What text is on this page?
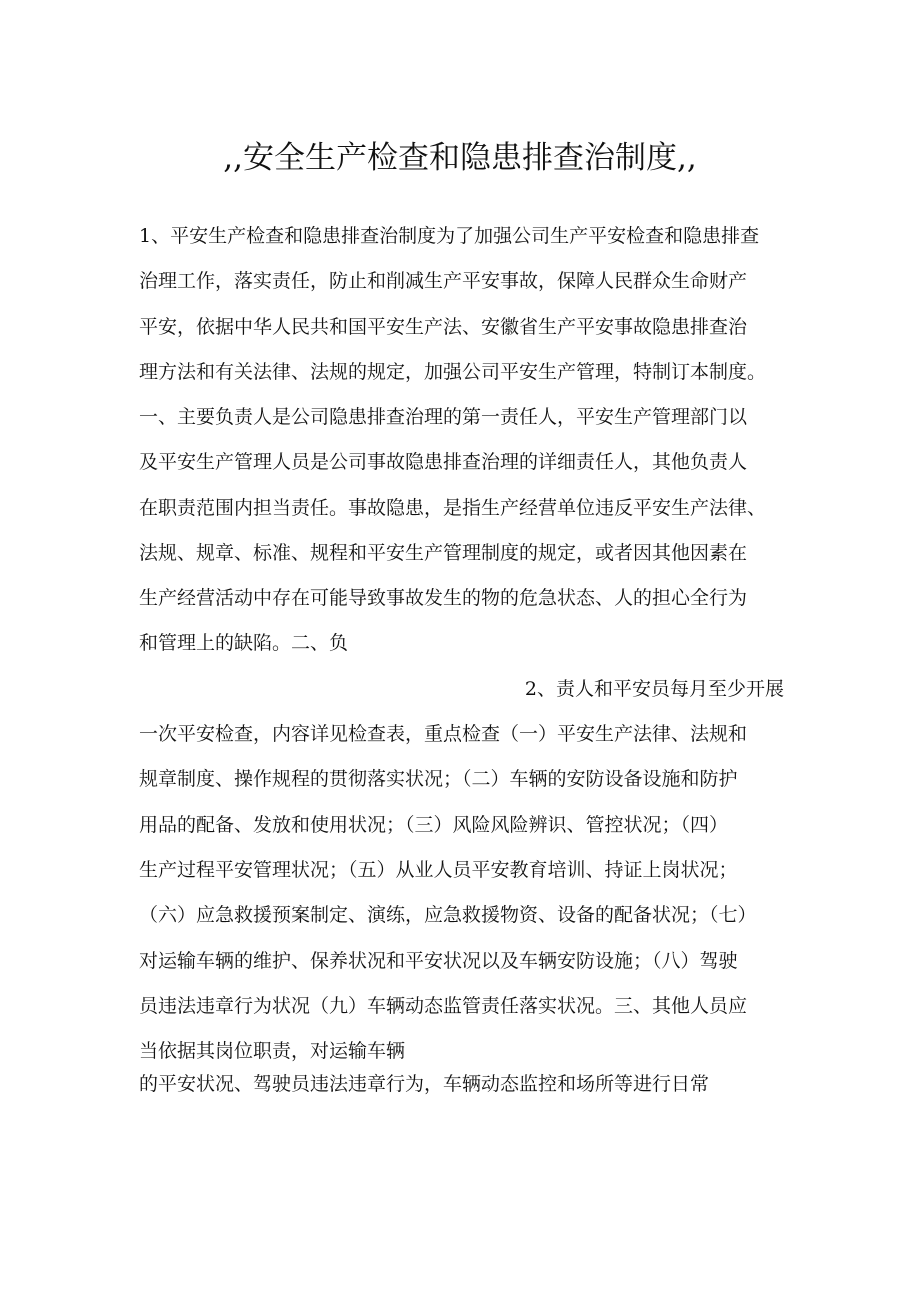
,,安全生产检查和隐患排查治制度,,
1、平安生产检查和隐患排查治制度为了加强公司生产平安检查和隐患排查
治理工作，落实责任，防止和削减生产平安事故，保障人民群众生命财产
平安，依据中华人民共和国平安生产法、安徽省生产平安事故隐患排查治
理方法和有关法律、法规的规定，加强公司平安生产管理，特制订本制度。
一、主要负责人是公司隐患排查治理的第一责任人，平安生产管理部门以
及平安生产管理人员是公司事故隐患排查治理的详细责任人，其他负责人
在职责范围内担当责任。事故隐患，是指生产经营单位违反平安生产法律、
法规、规章、标准、规程和平安生产管理制度的规定，或者因其他因素在
生产经营活动中存在可能导致事故发生的物的危急状态、人的担心全行为
和管理上的缺陷。二、负
2、责人和平安员每月至少开展
一次平安检查，内容详见检查表，重点检查（一）平安生产法律、法规和
规章制度、操作规程的贯彻落实状况；（二）车辆的安防设备设施和防护
用品的配备、发放和使用状况；（三）风险风险辨识、管控状况；（四）
生产过程平安管理状况；（五）从业人员平安教育培训、持证上岗状况；
（六）应急救援预案制定、演练，应急救援物资、设备的配备状况；（七）
对运输车辆的维护、保养状况和平安状况以及车辆安防设施；（八）驾驶
员违法违章行为状况（九）车辆动态监管责任落实状况。三、其他人员应
当依据其岗位职责，对运输车辆
的平安状况、驾驶员违法违章行为，车辆动态监控和场所等进行日常
